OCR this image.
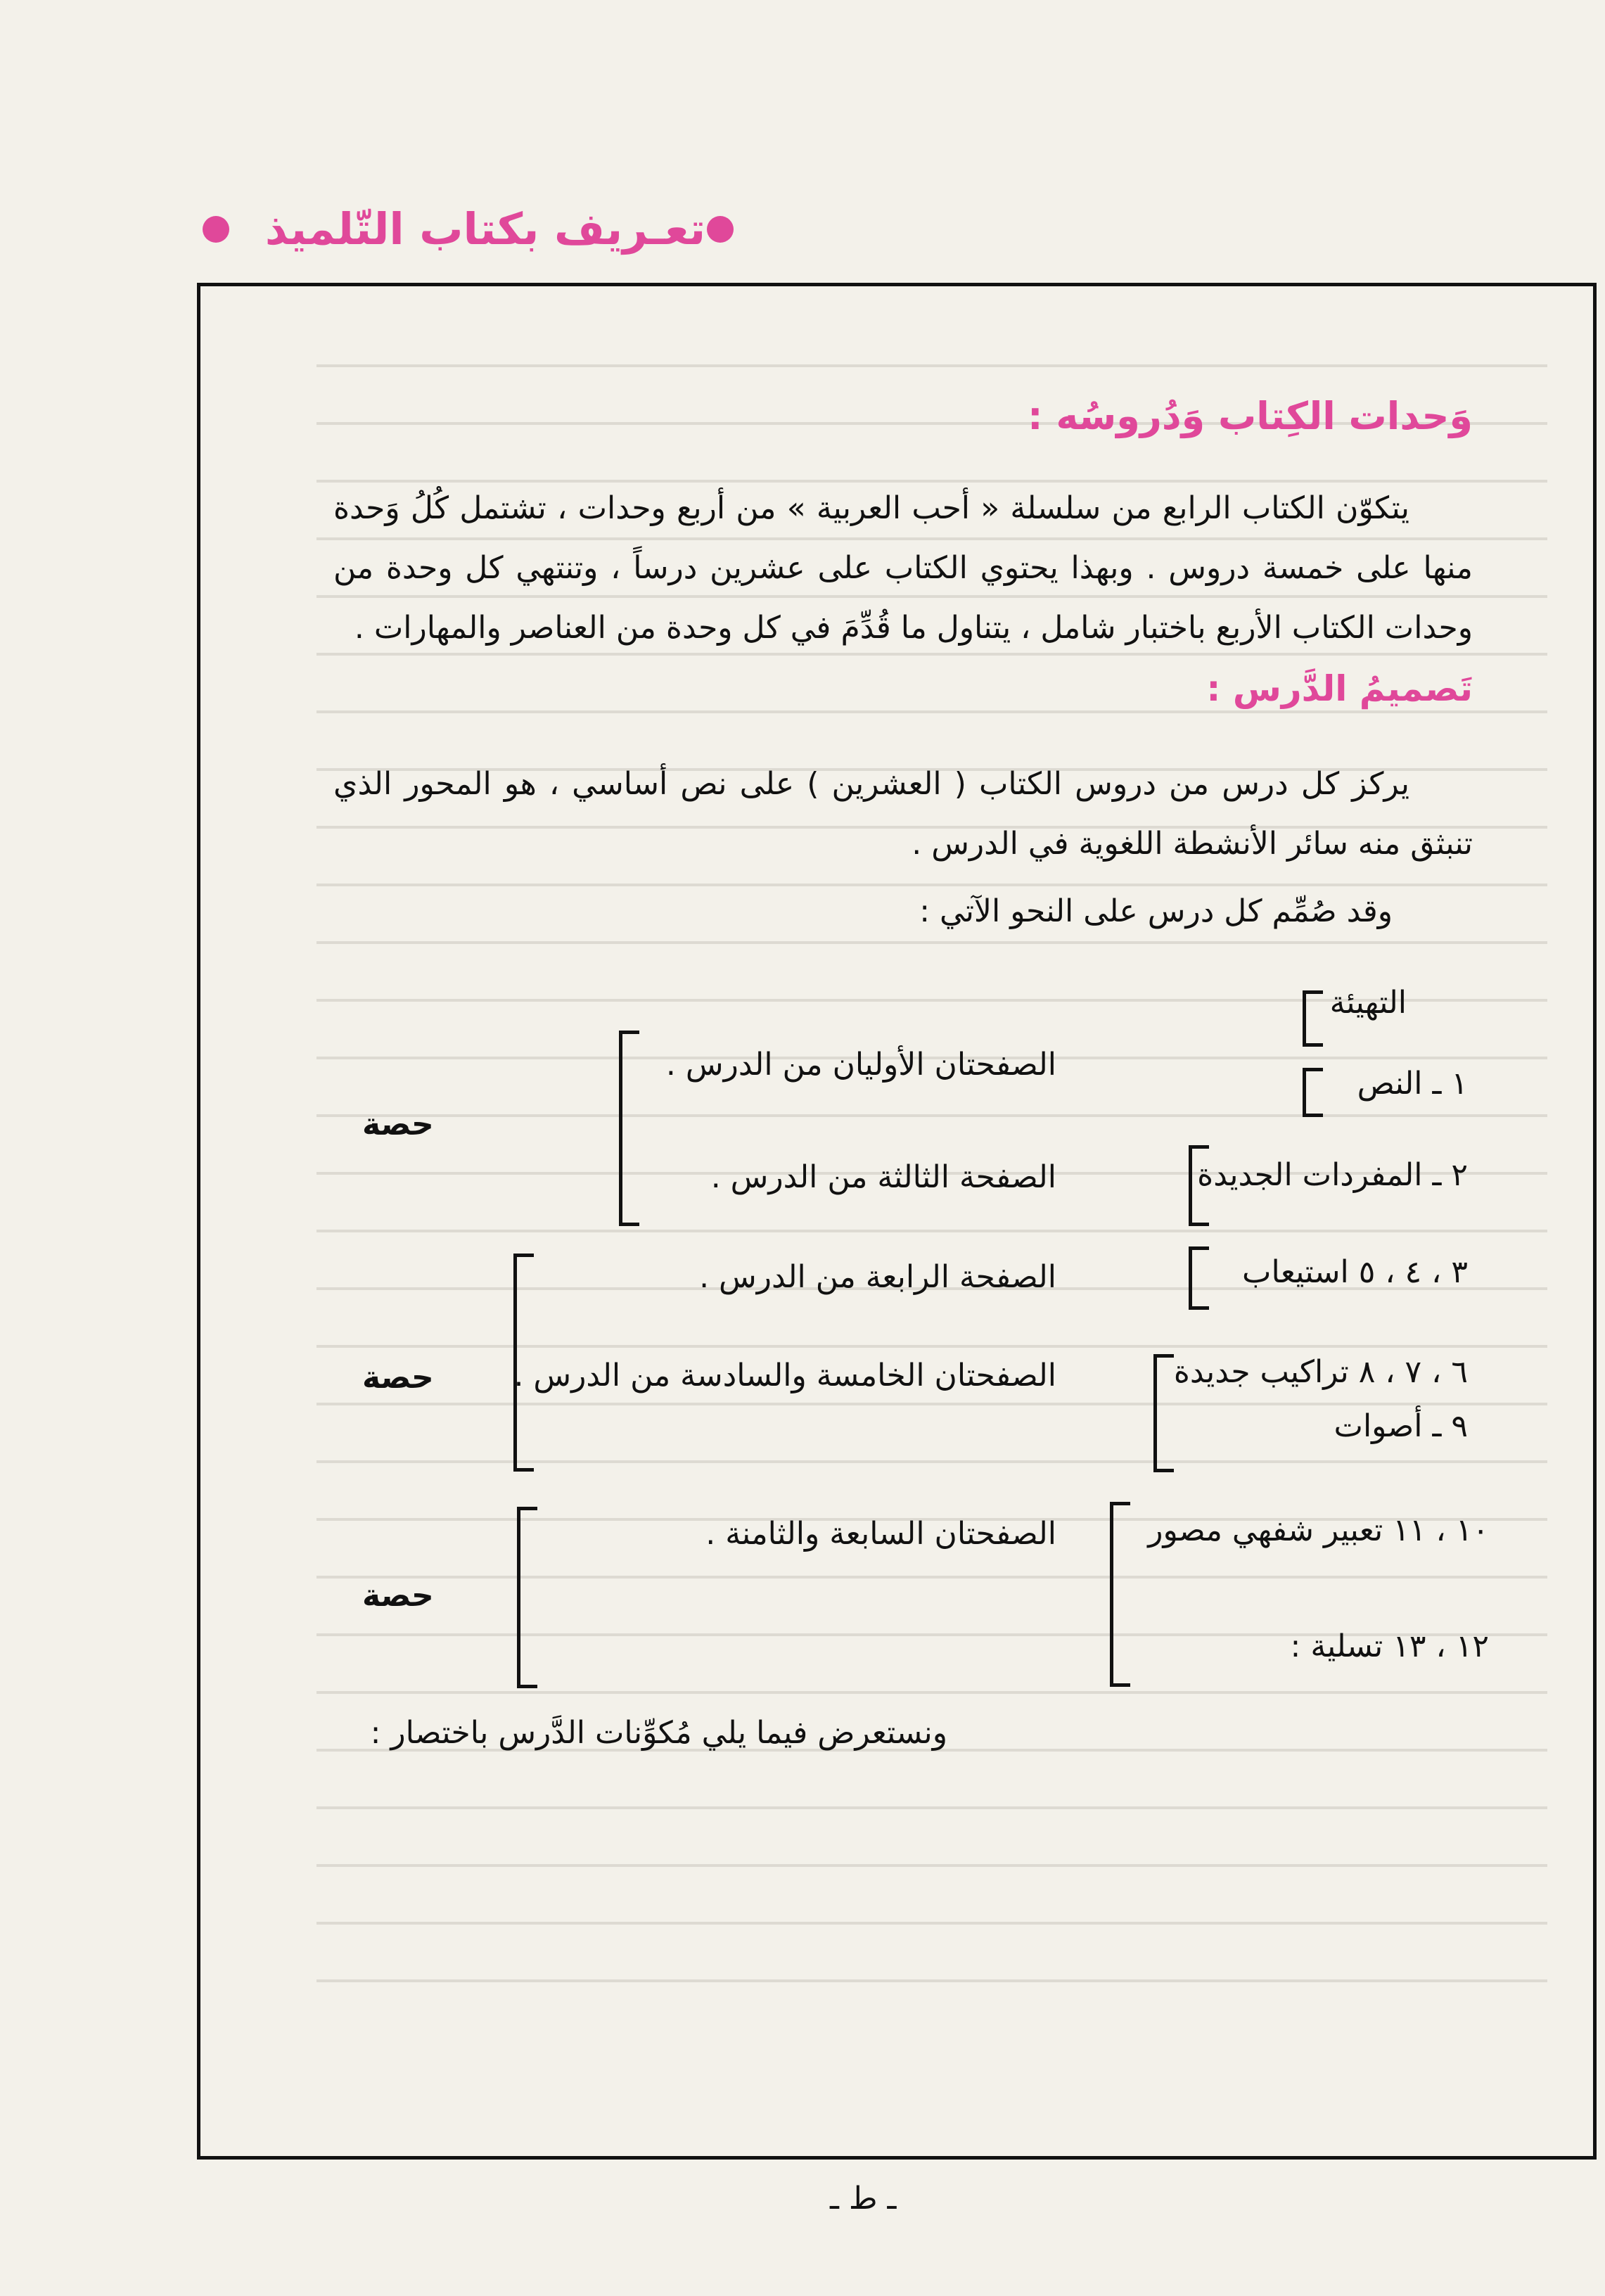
تعـريف بكتاب التّلميذ
وَحدات الكِتاب وَدُروسُه :
يتكوّن الكتاب الرابع من سلسلة « أحب العربية » من أربع وحدات ، تشتمل كُلُ وَحدة منها على خمسة دروس . وبهذا يحتوي الكتاب على عشرين درساً ، وتنتهي كل وحدة من وحدات الكتاب الأربع باختبار شامل ، يتناول ما قُدِّمَ في كل وحدة من العناصر والمهارات .
تَصميمُ الدَّرس :
يركز كل درس من دروس الكتاب ( العشرين ) على نص أساسي ، هو المحور الذي تنبثق منه سائر الأنشطة اللغوية في الدرس .
وقد صُمِّم كل درس على النحو الآتي :
التهيئة
١ ـ النص
٢ ـ المفردات الجديدة
٣ ، ٤ ، ٥ استيعاب
٦ ، ٧ ، ٨ تراكيب جديدة
٩ ـ أصوات
١٠ ، ١١ تعبير شفهي مصور
١٢ ، ١٣ تسلية :
الصفحتان الأوليان من الدرس .
الصفحة الثالثة من الدرس .
الصفحة الرابعة من الدرس .
الصفحتان الخامسة والسادسة من الدرس .
الصفحتان السابعة والثامنة .
حصة
حصة
حصة
ونستعرض فيما يلي مُكوِّنات الدَّرس باختصار :
ـ ط ـ
